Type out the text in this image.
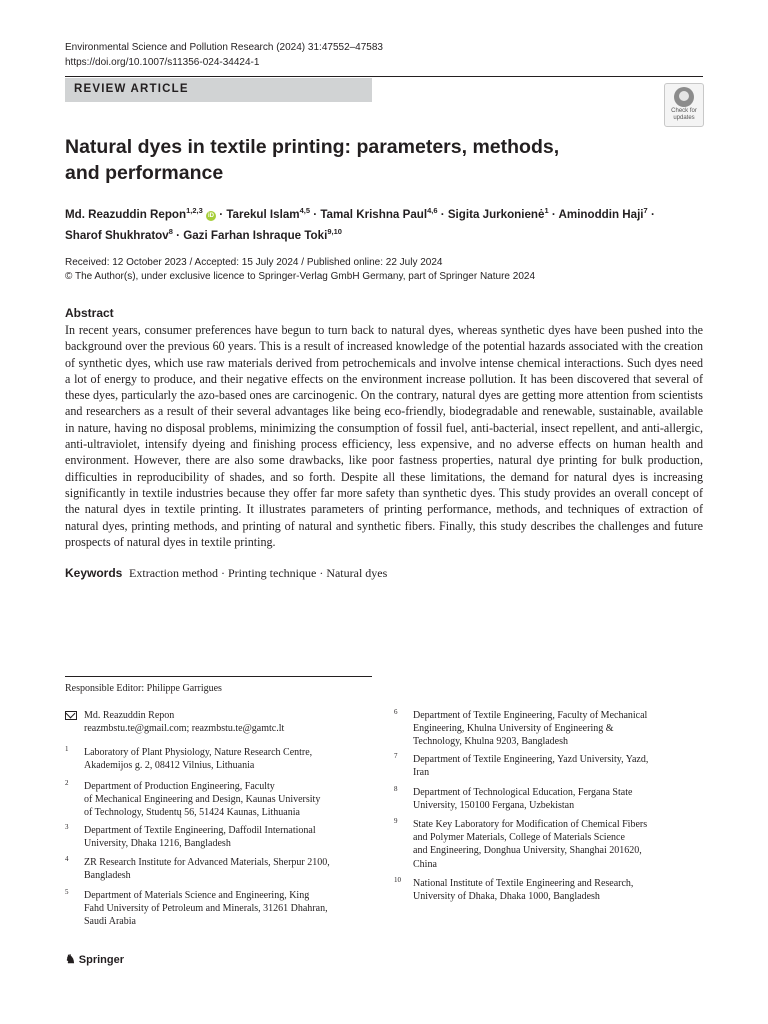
Environmental Science and Pollution Research (2024) 31:47552–47583
https://doi.org/10.1007/s11356-024-34424-1
REVIEW ARTICLE
Check for
updates
Natural dyes in textile printing: parameters, methods,
and performance
Md. Reazuddin Repon$^{1,2,3}$ iD · Tarekul Islam$^{4,5}$ · Tamal Krishna Paul$^{4,6}$ · Sigita Jurkonienė$^1$ · Aminoddin Haji$^7$ ·
Sharof Shukhratov$^8$ · Gazi Farhan Ishraque Toki$^{9,10}$
Received: 12 October 2023 / Accepted: 15 July 2024 / Published online: 22 July 2024
© The Author(s), under exclusive licence to Springer-Verlag GmbH Germany, part of Springer Nature 2024
Abstract
In recent years, consumer preferences have begun to turn back to natural dyes, whereas synthetic dyes have been pushed into the background over the previous 60 years. This is a result of increased knowledge of the potential hazards associated with the creation of synthetic dyes, which use raw materials derived from petrochemicals and involve intense chemical interactions. Such dyes need a lot of energy to produce, and their negative effects on the environment increase pollution. It has been discovered that several of these dyes, particularly the azo-based ones are carcinogenic. On the contrary, natural dyes are getting more attention from scientists and researchers as a result of their several advantages like being eco-friendly, biodegradable and renewable, sustainable, available in nature, having no disposal problems, minimizing the consumption of fossil fuel, anti-bacterial, insect repellent, and anti-allergic, anti-ultraviolet, intensify dyeing and finishing process efficiency, less expensive, and no adverse effects on human health and environment. However, there are also some drawbacks, like poor fastness properties, natural dye printing for bulk production, difficulties in reproducibility of shades, and so forth. Despite all these limitations, the demand for natural dyes is increasing significantly in textile industries because they offer far more safety than synthetic dyes. This study provides an overall concept of the natural dyes in textile printing. It illustrates parameters of printing performance, methods, and techniques of extraction of natural dyes, printing methods, and printing of natural and synthetic fibers. Finally, this study describes the challenges and future prospects of natural dyes in textile printing.
Keywords Extraction method · Printing technique · Natural dyes
Responsible Editor: Philippe Garrigues
Md. Reazuddin Repon
reazmbstu.te@gmail.com; reazmbstu.te@gamtc.lt
1 Laboratory of Plant Physiology, Nature Research Centre,
Akademijos g. 2, 08412 Vilnius, Lithuania
2 Department of Production Engineering, Faculty
of Mechanical Engineering and Design, Kaunas University
of Technology, Studentų 56, 51424 Kaunas, Lithuania
3 Department of Textile Engineering, Daffodil International
University, Dhaka 1216, Bangladesh
4 ZR Research Institute for Advanced Materials, Sherpur 2100,
Bangladesh
5 Department of Materials Science and Engineering, King
Fahd University of Petroleum and Minerals, 31261 Dhahran,
Saudi Arabia
6 Department of Textile Engineering, Faculty of Mechanical
Engineering, Khulna University of Engineering &
Technology, Khulna 9203, Bangladesh
7 Department of Textile Engineering, Yazd University, Yazd,
Iran
8 Department of Technological Education, Fergana State
University, 150100 Fergana, Uzbekistan
9 State Key Laboratory for Modification of Chemical Fibers
and Polymer Materials, College of Materials Science
and Engineering, Donghua University, Shanghai 201620,
China
10 National Institute of Textile Engineering and Research,
University of Dhaka, Dhaka 1000, Bangladesh
♞ Springer
